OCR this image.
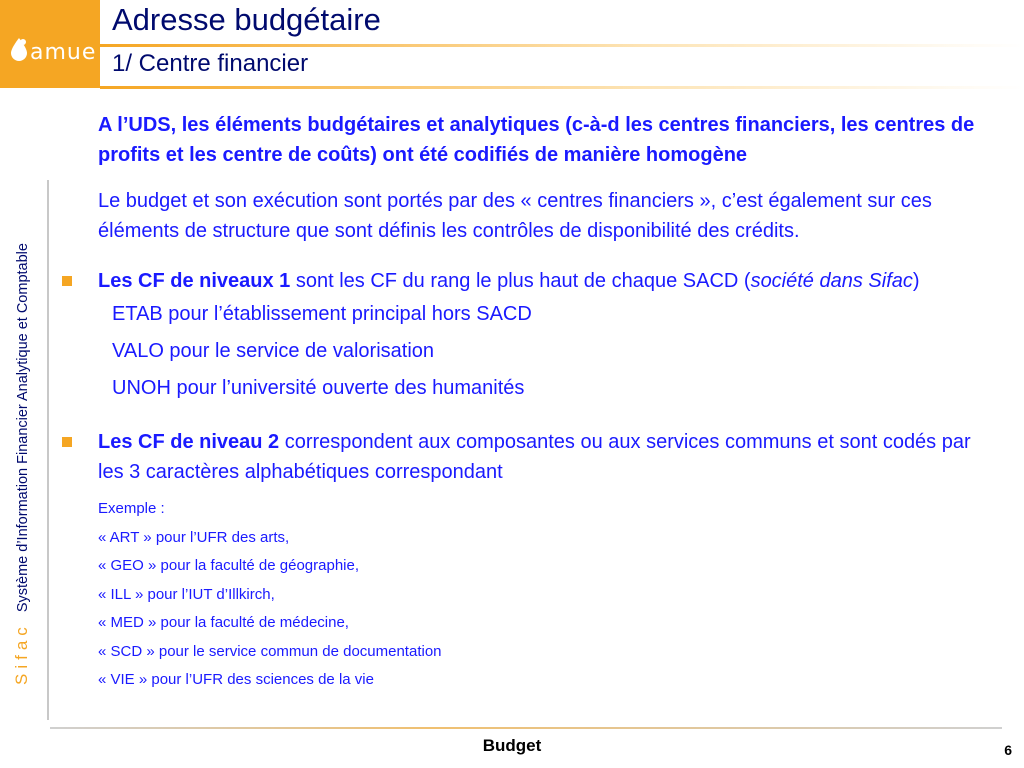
amue
Adresse budgétaire
1/ Centre financier
Sifac Système d’Information Financier Analytique et Comptable
A l’UDS, les éléments budgétaires et analytiques (c-à-d les centres financiers, les centres de profits et les centre de coûts) ont été codifiés de manière homogène
Le budget et son exécution sont portés par des « centres financiers », c’est également sur ces éléments de structure que sont définis les contrôles de disponibilité des crédits.
Les CF de niveaux 1 sont les CF du rang le plus haut de chaque SACD (société dans Sifac)
ETAB pour l’établissement principal hors SACD
VALO pour le service de valorisation
UNOH pour l’université ouverte des humanités
Les CF de niveau 2 correspondent aux composantes ou aux services communs et sont codés par les 3 caractères alphabétiques correspondant
Exemple :
« ART » pour l’UFR des arts,
« GEO » pour la faculté de géographie,
« ILL » pour l’IUT d’Illkirch,
« MED » pour la faculté de médecine,
« SCD » pour le service commun de documentation
« VIE » pour l’UFR des sciences de la vie
Budget	6
